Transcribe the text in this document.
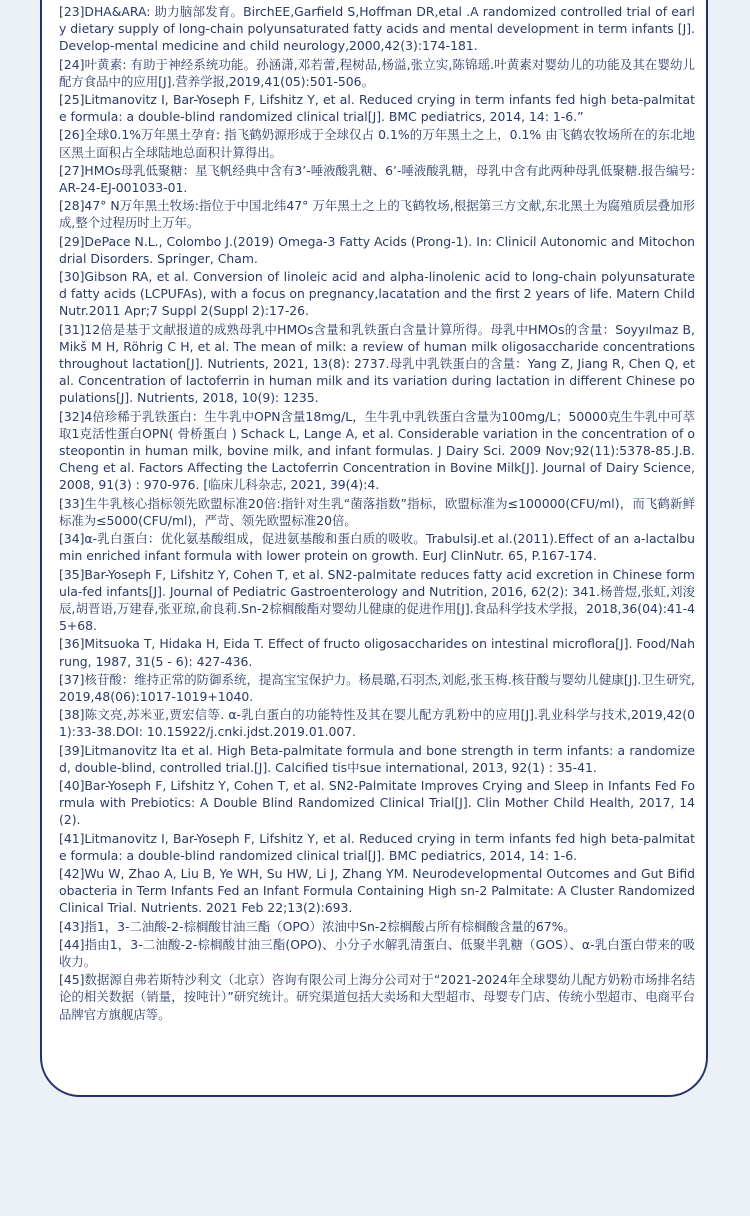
[23]DHA&ARA: 助力脑部发育。BirchEE,Garfield S,Hoffman DR,etal .A randomized controlled trial of early dietary supply of long-chain polyunsaturated fatty acids and mental development in term infants [J]. Develop-mental medicine and child neurology,2000,42(3):174-181.
[24]叶黄素: 有助于神经系统功能。孙涵潇,邓若蕾,程树品,杨溢,张立实,陈锦瑶.叶黄素对婴幼儿的功能及其在婴幼儿配方食品中的应用[J].营养学报,2019,41(05):501-506。
[25]Litmanovitz I, Bar-Yoseph F, Lifshitz Y, et al. Reduced crying in term infants fed high beta-palmitate formula: a double-blind randomized clinical trial[J]. BMC pediatrics, 2014, 14: 1-6.”
[26]全球0.1%万年黑土孕育: 指飞鹤奶源形成于全球仅占 0.1%的万年黑土之上，0.1% 由飞鹤农牧场所在的东北地区黑土面积占全球陆地总面积计算得出。
[27]HMOs母乳低聚糖：星飞帆经典中含有3’-唾液酸乳糖、6’-唾液酸乳糖，母乳中含有此两种母乳低聚糖.报告编号:AR-24-EJ-001033-01.
[28]47° N万年黑土牧场:指位于中国北纬47° 万年黑土之上的飞鹤牧场,根据第三方文献,东北黑土为腐殖质层叠加形成,整个过程历时上万年。
[29]DePace N.L., Colombo J.(2019) Omega-3 Fatty Acids (Prong-1). In: Clinicil Autonomic and Mitochondrial Disorders. Springer, Cham.
[30]Gibson RA, et al. Conversion of linoleic acid and alpha-linolenic acid to long-chain polyunsaturated fatty acids (LCPUFAs), with a focus on pregnancy,lacatation and the first 2 years of life. Matern Child Nutr.2011 Apr;7 Suppl 2(Suppl 2):17-26.
[31]12倍是基于文献报道的成熟母乳中HMOs含量和乳铁蛋白含量计算所得。母乳中HMOs的含量：Soyyılmaz B, Mikš M H, Röhrig C H, et al. The mean of milk: a review of human milk oligosaccharide concentrations throughout lactation[J]. Nutrients, 2021, 13(8): 2737.母乳中乳铁蛋白的含量：Yang Z, Jiang R, Chen Q, et al. Concentration of lactoferrin in human milk and its variation during lactation in different Chinese populations[J]. Nutrients, 2018, 10(9): 1235.
[32]4倍珍稀于乳铁蛋白：生牛乳中OPN含量18mg/L，生牛乳中乳铁蛋白含量为100mg/L；50000克生牛乳中可萃取1克活性蛋白OPN( 骨桥蛋白 ) Schack L, Lange A, et al. Considerable variation in the concentration of osteopontin in human milk, bovine milk, and infant formulas. J Dairy Sci. 2009 Nov;92(11):5378-85.J.B. Cheng et al. Factors Affecting the Lactoferrin Concentration in Bovine Milk[J]. Journal of Dairy Science, 2008, 91(3) : 970-976. [临床儿科杂志, 2021, 39(4):4.
[33]生牛乳核心指标领先欧盟标准20倍:指针对生乳“菌落指数”指标，欧盟标准为≤100000(CFU/ml)，而飞鹤新鲜标准为≤5000(CFU/ml)，严苛、领先欧盟标准20倍。
[34]α-乳白蛋白：优化氨基酸组成，促进氨基酸和蛋白质的吸收。TrabulsiJ.et al.(2011).Effect of an a-lactalbumin enriched infant formula with lower protein on growth. EurJ ClinNutr. 65, P.167-174.
[35]Bar-Yoseph F, Lifshitz Y, Cohen T, et al. SN2-palmitate reduces fatty acid excretion in Chinese formula-fed infants[J]. Journal of Pediatric Gastroenterology and Nutrition, 2016, 62(2): 341.杨普煜,张虹,刘浚辰,胡晋语,万建春,张亚琼,俞良莉.Sn-2棕榈酸酯对婴幼儿健康的促进作用[J].食品科学技术学报，2018,36(04):41-45+68.
[36]Mitsuoka T, Hidaka H, Eida T. Effect of fructo oligosaccharides on intestinal microflora[J]. Food/Nahrung, 1987, 31(5 - 6): 427-436.
[37]核苷酸：维持正常的防御系统，提高宝宝保护力。杨晨璐,石羽杰,刘彪,张玉梅.核苷酸与婴幼儿健康[J].卫生研究,2019,48(06):1017-1019+1040.
[38]陈文亮,苏米亚,贾宏信等. α-乳白蛋白的功能特性及其在婴儿配方乳粉中的应用[J].乳业科学与技术,2019,42(01):33-38.DOI: 10.15922/j.cnki.jdst.2019.01.007.
[39]Litmanovitz Ita et al. High Beta-palmitate formula and bone strength in term infants: a randomized, double-blind, controlled trial.[J]. Calcified tis中sue international, 2013, 92(1) : 35-41.
[40]Bar-Yoseph F, Lifshitz Y, Cohen T, et al. SN2-Palmitate Improves Crying and Sleep in Infants Fed Formula with Prebiotics: A Double Blind Randomized Clinical Trial[J]. Clin Mother Child Health, 2017, 14 (2).
[41]Litmanovitz I, Bar-Yoseph F, Lifshitz Y, et al. Reduced crying in term infants fed high beta-palmitate formula: a double-blind randomized clinical trial[J]. BMC pediatrics, 2014, 14: 1-6.
[42]Wu W, Zhao A, Liu B, Ye WH, Su HW, Li J, Zhang YM. Neurodevelopmental Outcomes and Gut Bifidobacteria in Term Infants Fed an Infant Formula Containing High sn-2 Palmitate: A Cluster Randomized Clinical Trial. Nutrients. 2021 Feb 22;13(2):693.
[43]指1，3-二油酸-2-棕榈酸甘油三酯（OPO）浓油中Sn-2棕榈酸占所有棕榈酸含量的67%。
[44]指由1，3-二油酸-2-棕榈酸甘油三酯(OPO)、小分子水解乳清蛋白、低聚半乳糖（GOS）、α-乳白蛋白带来的吸收力。
[45]数据源自弗若斯特沙利文（北京）咨询有限公司上海分公司对于“2021-2024年全球婴幼儿配方奶粉市场排名结论的相关数据（销量，按吨计）”研究统计。研究渠道包括大卖场和大型超市、母婴专门店、传统小型超市、电商平台品牌官方旗舰店等。
